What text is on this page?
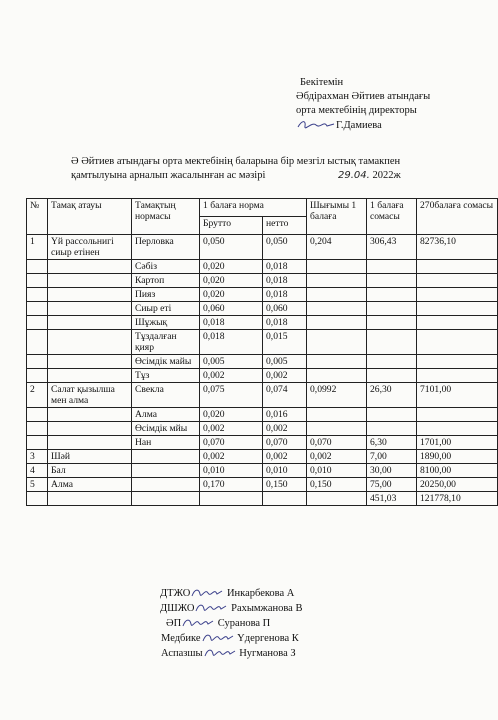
Бекітемін
Әбдірахман Әйтиев атындағы
орта мектебінің директоры
Г.Дамиева
Ә Әйтиев атындағы орта мектебінің баларына бір мезгіл ыстық тамакпен
қамтылуына арналып жасалынған ас мәзірі	29.04. 2022ж
№	Тамақ атауы	Тамақтың нормасы	1 балаға норма		Шығымы 1 балаға	1 балаға сомасы	270балаға сомасы
			Брутто	нетто			
1	Үй рассольнигі сиыр етінен	Перловка	0,050	0,050	0,204	306,43	82736,10
		Сәбіз	0,020	0,018			
		Картоп	0,020	0,018			
		Пияз	0,020	0,018			
		Сиыр еті	0,060	0,060			
		Шұжық	0,018	0,018			
		Тұздалған қияр	0,018	0,015			
		Өсімдік майы	0,005	0,005			
		Тұз	0,002	0,002			
2	Салат қызылша мен алма	Свекла	0,075	0,074	0,0992	26,30	7101,00
		Алма	0,020	0,016			
		Өсімдік мйы	0,002	0,002			
		Нан	0,070	0,070	0,070	6,30	1701,00
3	Шәй		0,002	0,002	0,002	7,00	1890,00
4	Бал		0,010	0,010	0,010	30,00	8100,00
5	Алма		0,170	0,150	0,150	75,00	20250,00
						451,03	121778,10
ДТЖО	Инкарбекова А
ДШЖО	Рахымжанова В
ӘП	Суранова П
Медбике	Үдергенова К
Аспазшы	Нугманова З
